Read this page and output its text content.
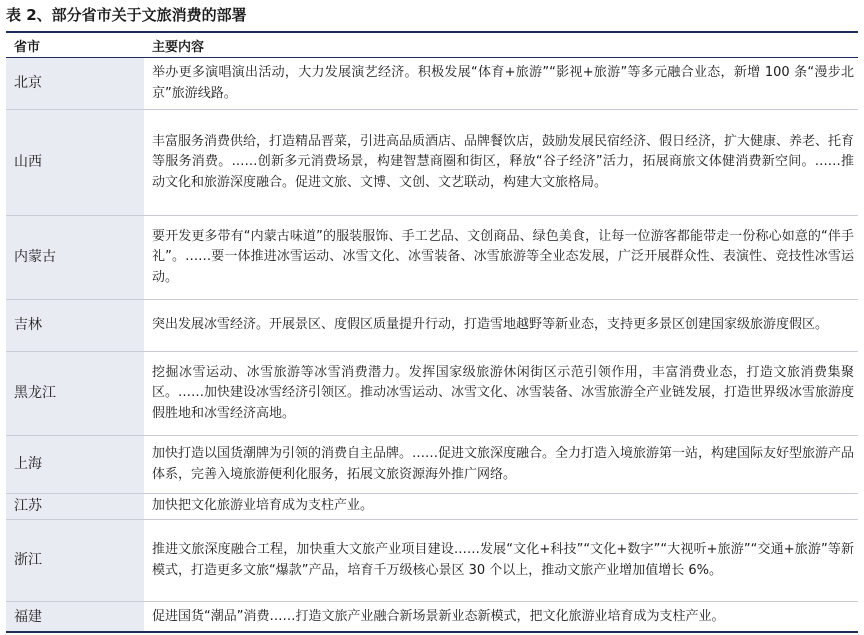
表 2、部分省市关于文旅消费的部署
省市	主要内容
北京	举办更多演唱演出活动，大力发展演艺经济。积极发展“体育+旅游”“影视+旅游”等多元融合业态，新增 100 条“漫步北京”旅游线路。
山西	丰富服务消费供给，打造精品晋菜，引进高品质酒店、品牌餐饮店，鼓励发展民宿经济、假日经济，扩大健康、养老、托育等服务消费。……创新多元消费场景，构建智慧商圈和街区，释放“谷子经济”活力，拓展商旅文体健消费新空间。……推动文化和旅游深度融合。促进文旅、文博、文创、文艺联动，构建大文旅格局。
内蒙古	要开发更多带有“内蒙古味道”的服装服饰、手工艺品、文创商品、绿色美食，让每一位游客都能带走一份称心如意的“伴手礼”。……要一体推进冰雪运动、冰雪文化、冰雪装备、冰雪旅游等全业态发展，广泛开展群众性、表演性、竞技性冰雪运动。
吉林	突出发展冰雪经济。开展景区、度假区质量提升行动，打造雪地越野等新业态，支持更多景区创建国家级旅游度假区。
黑龙江	挖掘冰雪运动、冰雪旅游等冰雪消费潜力。发挥国家级旅游休闲街区示范引领作用，丰富消费业态，打造文旅消费集聚区。……加快建设冰雪经济引领区。推动冰雪运动、冰雪文化、冰雪装备、冰雪旅游全产业链发展，打造世界级冰雪旅游度假胜地和冰雪经济高地。
上海	加快打造以国货潮牌为引领的消费自主品牌。……促进文旅深度融合。全力打造入境旅游第一站，构建国际友好型旅游产品体系，完善入境旅游便利化服务，拓展文旅资源海外推广网络。
江苏	加快把文化旅游业培育成为支柱产业。
浙江	推进文旅深度融合工程，加快重大文旅产业项目建设……发展“文化+科技”“文化+数字”“大视听+旅游”“交通+旅游”等新模式，打造更多文旅“爆款”产品，培育千万级核心景区 30 个以上，推动文旅产业增加值增长 6%。
福建	促进国货“潮品”消费……打造文旅产业融合新场景新业态新模式，把文化旅游业培育成为支柱产业。
